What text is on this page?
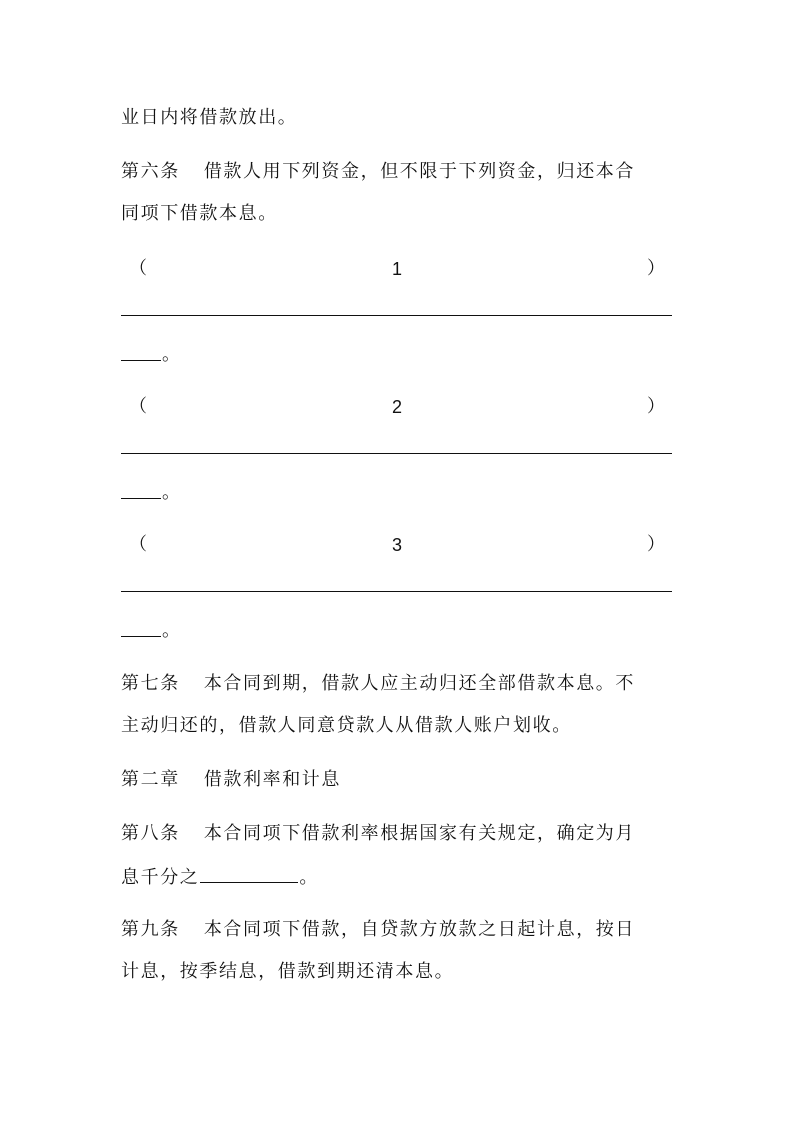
业日内将借款放出。
第六条 借款人用下列资金，但不限于下列资金，归还本合
同项下借款本息。
（	1	）
。
（	2	）
。
（	3	）
。
第七条 本合同到期，借款人应主动归还全部借款本息。不
主动归还的，借款人同意贷款人从借款人账户划收。
第二章 借款利率和计息
第八条 本合同项下借款利率根据国家有关规定，确定为月
息千分之	。
第九条 本合同项下借款，自贷款方放款之日起计息，按日
计息，按季结息，借款到期还清本息。
